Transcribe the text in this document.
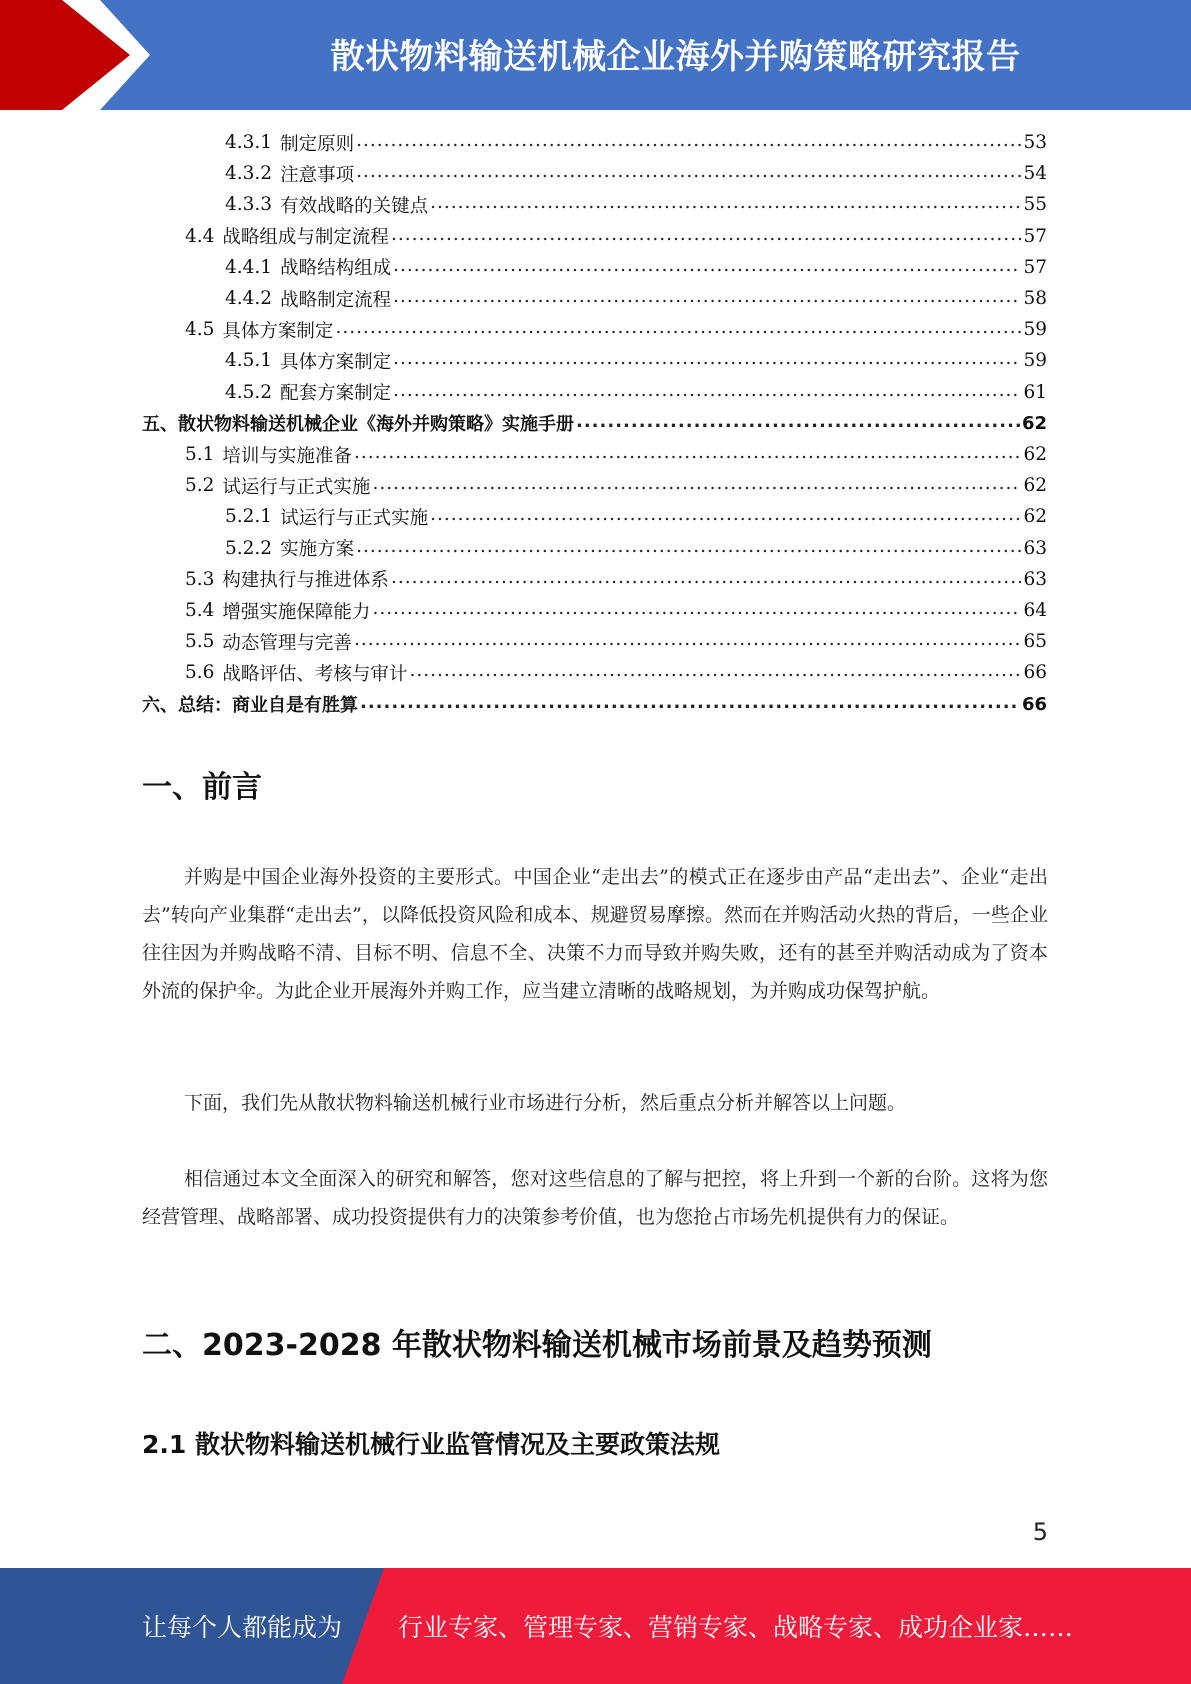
散状物料输送机械企业海外并购策略研究报告
4.3.1 制定原则 .....	53
4.3.2 注意事项 .....	54
4.3.3 有效战略的关键点 .....	55
4.4 战略组成与制定流程 .....	57
4.4.1 战略结构组成 .....	57
4.4.2 战略制定流程 .....	58
4.5 具体方案制定 .....	59
4.5.1 具体方案制定 .....	59
4.5.2 配套方案制定 .....	61
五、散状物料输送机械企业《海外并购策略》实施手册 .....	62
5.1 培训与实施准备 .....	62
5.2 试运行与正式实施 .....	62
5.2.1 试运行与正式实施 .....	62
5.2.2 实施方案 .....	63
5.3 构建执行与推进体系 .....	63
5.4 增强实施保障能力 .....	64
5.5 动态管理与完善 .....	65
5.6 战略评估、考核与审计 .....	66
六、总结：商业自是有胜算 .....	66
一、前言
并购是中国企业海外投资的主要形式。中国企业“走出去”的模式正在逐步由产品“走出去”、企业“走出去”转向产业集群“走出去”，以降低投资风险和成本、规避贸易摩擦。然而在并购活动火热的背后，一些企业往往因为并购战略不清、目标不明、信息不全、决策不力而导致并购失败，还有的甚至并购活动成为了资本外流的保护伞。为此企业开展海外并购工作，应当建立清晰的战略规划，为并购成功保驾护航。
下面，我们先从散状物料输送机械行业市场进行分析，然后重点分析并解答以上问题。
相信通过本文全面深入的研究和解答，您对这些信息的了解与把控，将上升到一个新的台阶。这将为您经营管理、战略部署、成功投资提供有力的决策参考价值，也为您抢占市场先机提供有力的保证。
二、2023-2028 年散状物料输送机械市场前景及趋势预测
2.1 散状物料输送机械行业监管情况及主要政策法规
5
让每个人都能成为 行业专家、管理专家、营销专家、战略专家、成功企业家……
